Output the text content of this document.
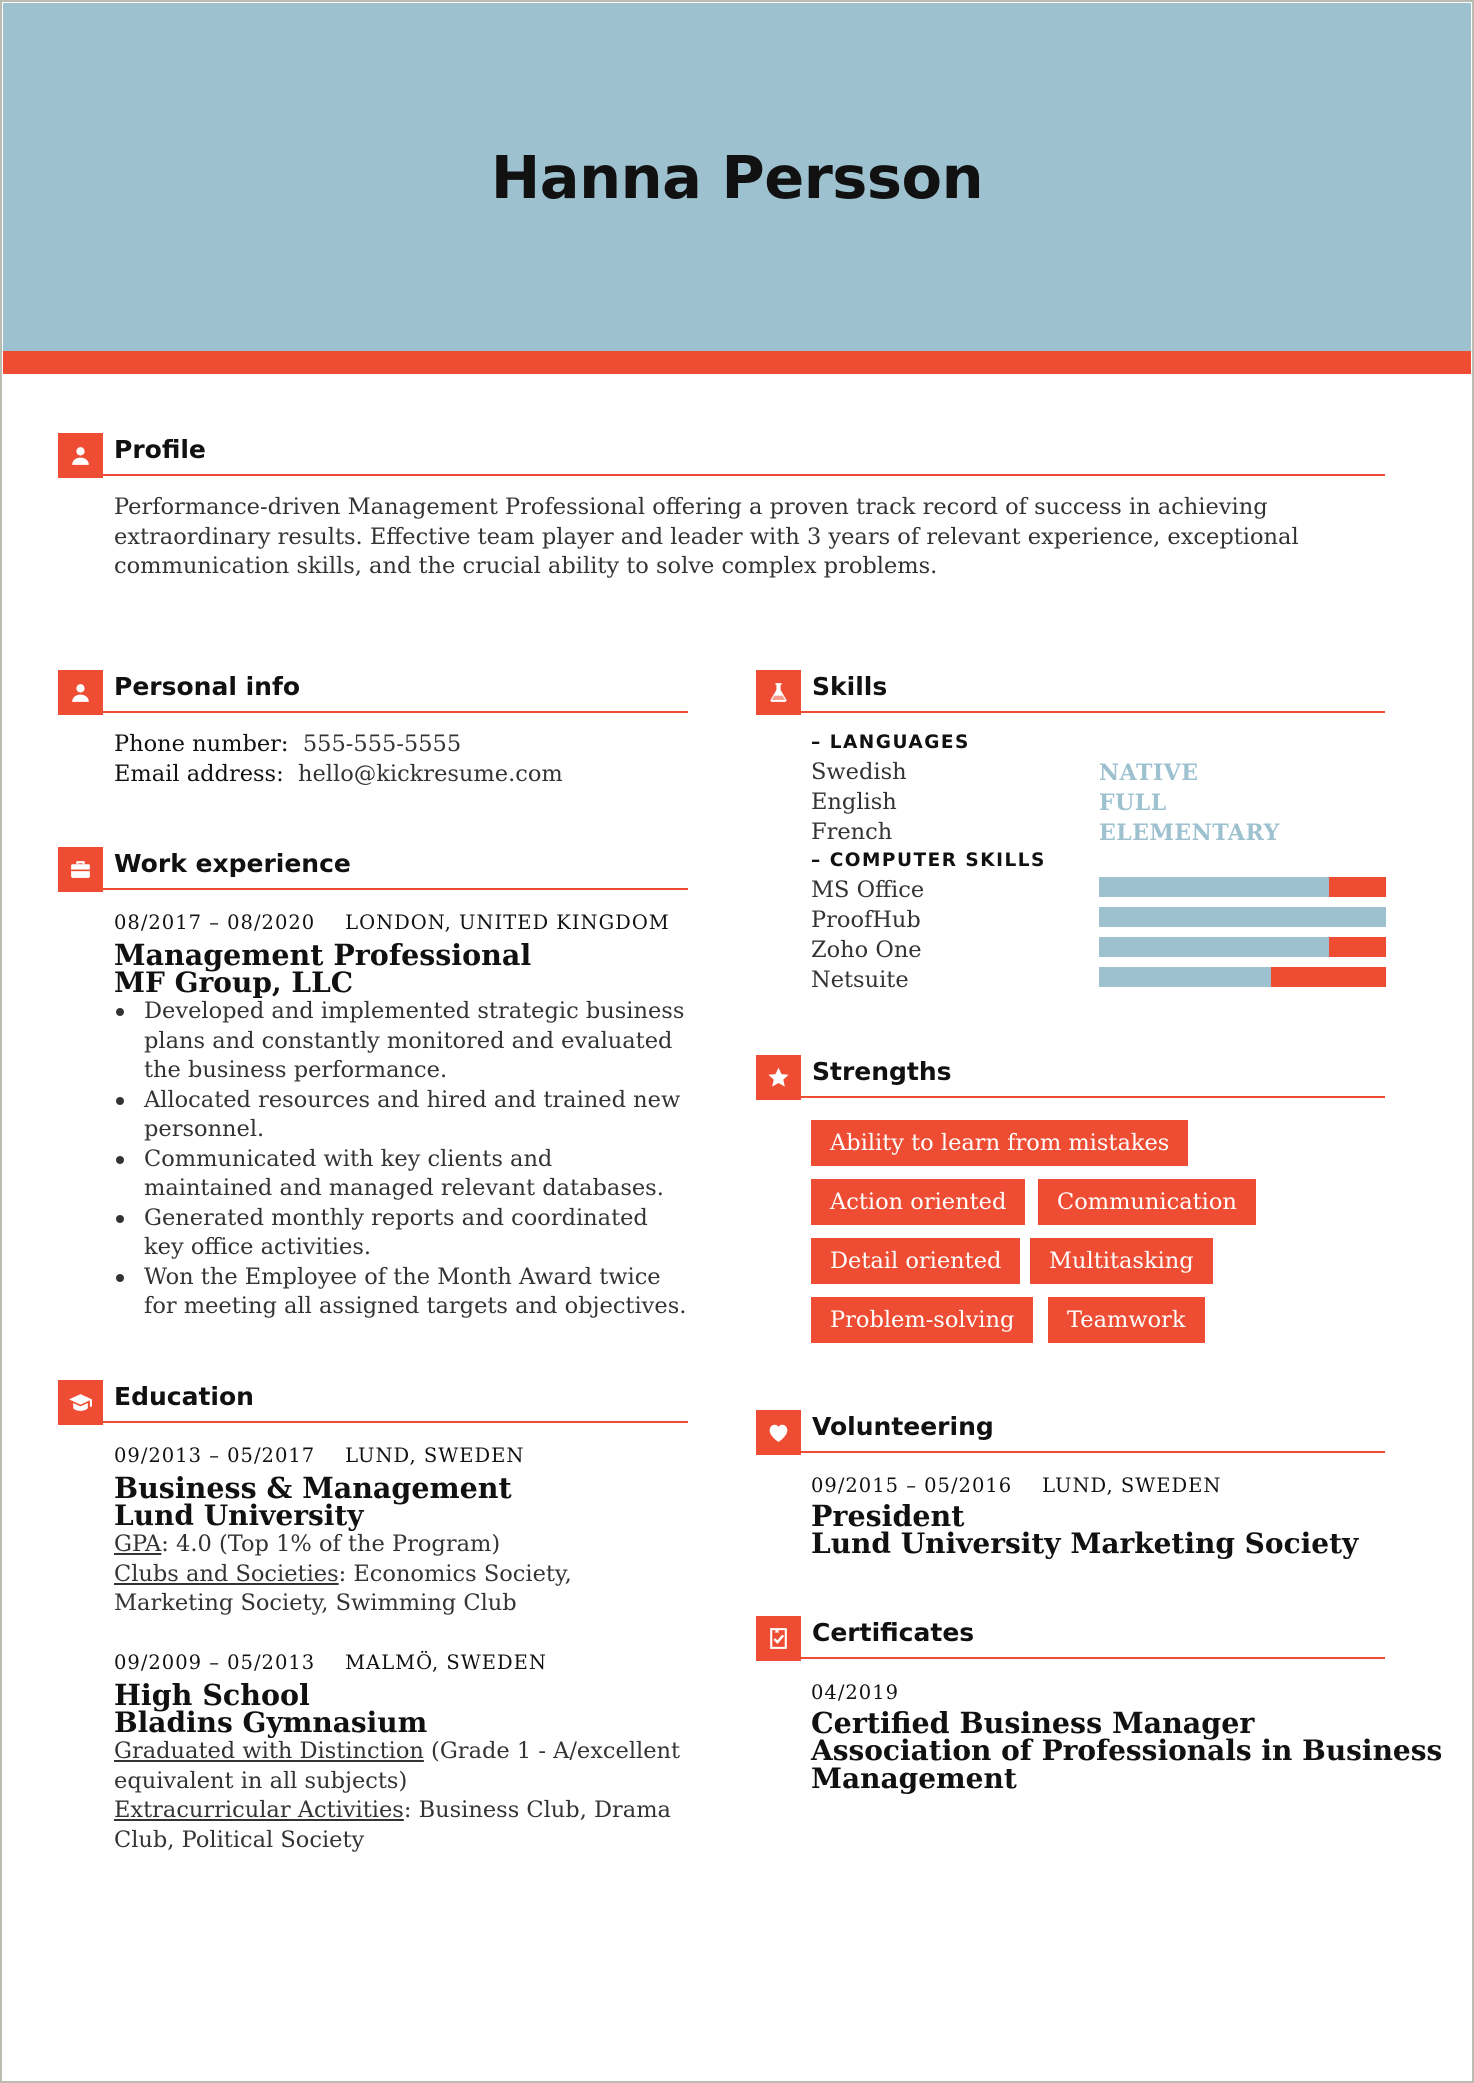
Hanna Persson
Profile
Performance-driven Management Professional offering a proven track record of success in achieving
extraordinary results. Effective team player and leader with 3 years of relevant experience, exceptional
communication skills, and the crucial ability to solve complex problems.
Personal info
Phone number: 555-555-5555
Email address: hello@kickresume.com
Work experience
08/2017 – 08/2020 LONDON, UNITED KINGDOM
Management Professional
MF Group, LLC
Developed and implemented strategic business
plans and constantly monitored and evaluated
the business performance.
Allocated resources and hired and trained new
personnel.
Communicated with key clients and
maintained and managed relevant databases.
Generated monthly reports and coordinated
key office activities.
Won the Employee of the Month Award twice
for meeting all assigned targets and objectives.
Education
09/2013 – 05/2017 LUND, SWEDEN
Business & Management
Lund University
GPA: 4.0 (Top 1% of the Program)
Clubs and Societies: Economics Society,
Marketing Society, Swimming Club
09/2009 – 05/2013 MALMÖ, SWEDEN
High School
Bladins Gymnasium
Graduated with Distinction (Grade 1 - A/excellent
equivalent in all subjects)
Extracurricular Activities: Business Club, Drama
Club, Political Society
Skills
– LANGUAGES
Swedish	NATIVE
English	FULL
French	ELEMENTARY
– COMPUTER SKILLS
MS Office
ProofHub
Zoho One
Netsuite
Strengths
Ability to learn from mistakes
Action oriented	Communication
Detail oriented	Multitasking
Problem-solving	Teamwork
Volunteering
09/2015 – 05/2016 LUND, SWEDEN
President
Lund University Marketing Society
Certificates
04/2019
Certified Business Manager
Association of Professionals in Business
Management
